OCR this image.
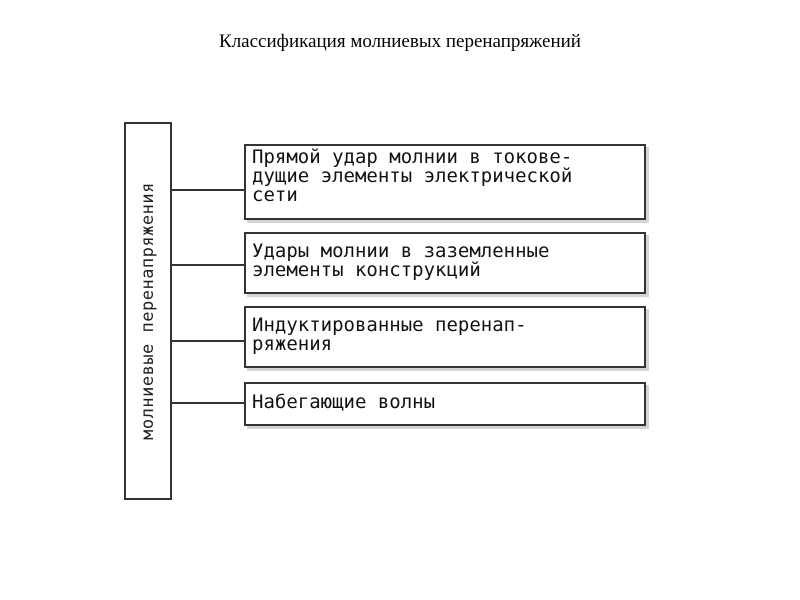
Классификация молниевых перенапряжений
молниевые перенапряжения
Прямой удар молнии в токове-
дущие элементы электрической
сети
Удары молнии в заземленные
элементы конструкций
Индуктированные перенап-
ряжения
Набегающие волны
